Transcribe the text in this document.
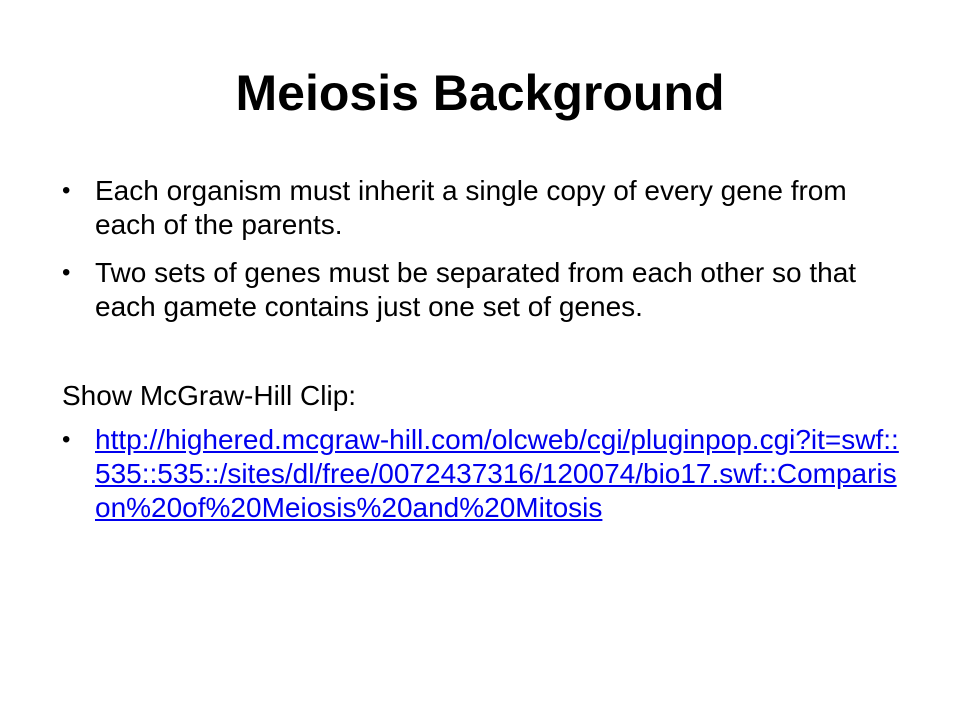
Meiosis Background
• Each organism must inherit a single copy of every gene from each of the parents.
• Two sets of genes must be separated from each other so that each gamete contains just one set of genes.
Show McGraw-Hill Clip:
• http://highered.mcgraw-hill.com/olcweb/cgi/pluginpop.cgi?it=swf::535::535::/sites/dl/free/0072437316/120074/bio17.swf::Comparison%20of%20Meiosis%20and%20Mitosis
